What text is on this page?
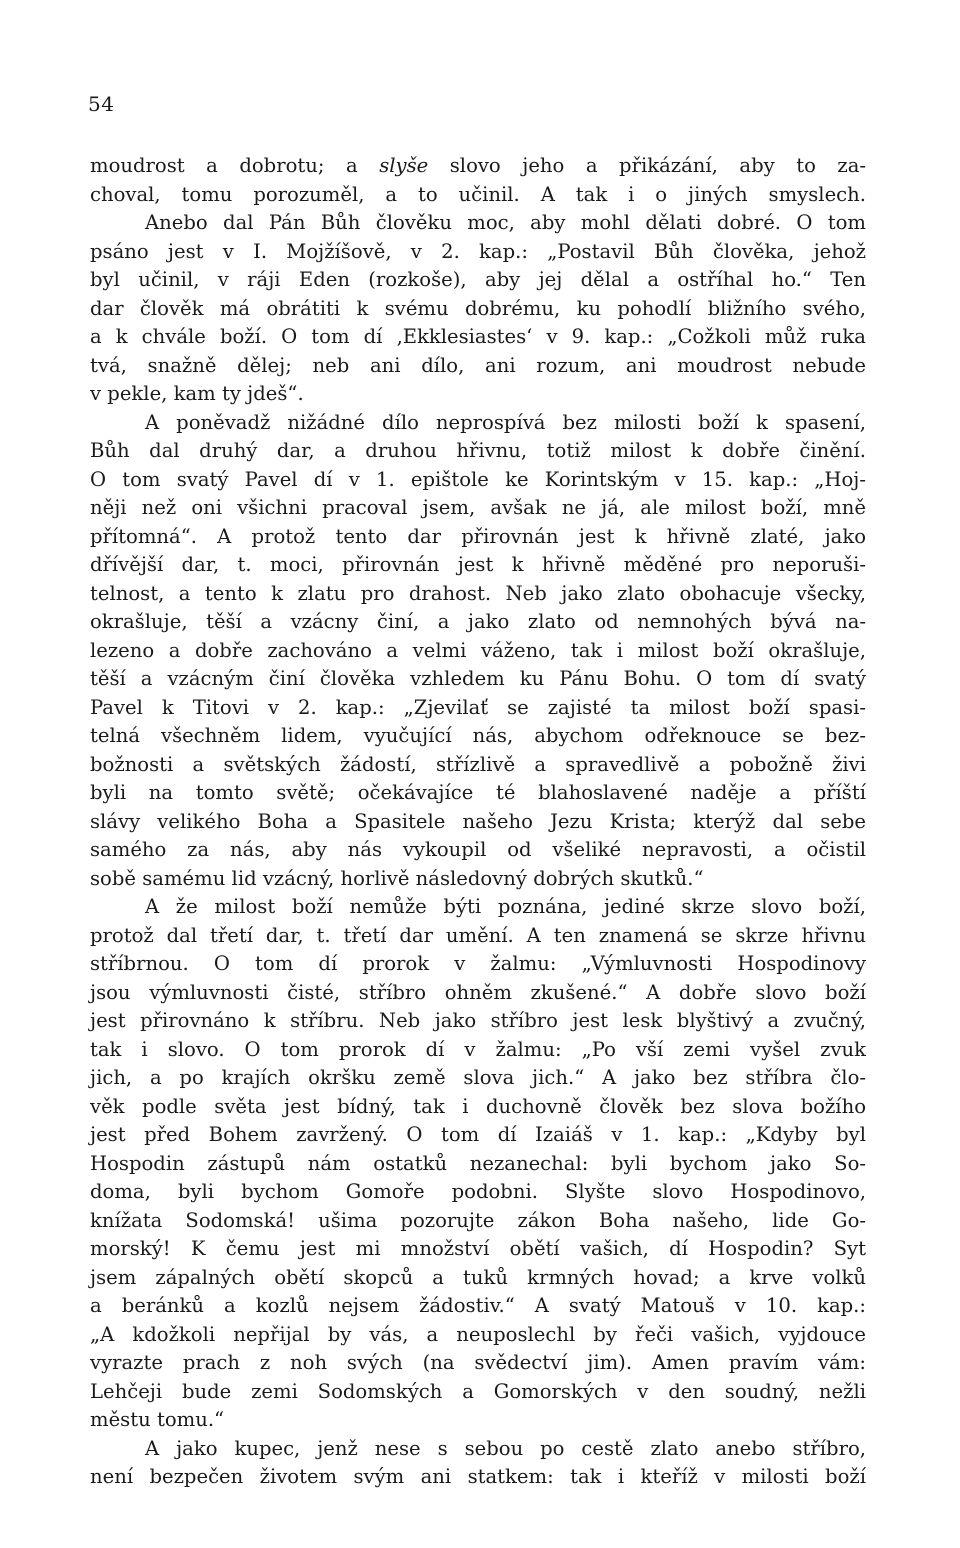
54
moudrost a dobrotu; a slyše slovo jeho a přikázání, aby to za-
choval, tomu porozuměl, a to učinil. A tak i o jiných smyslech.
Anebo dal Pán Bůh člověku moc, aby mohl dělati dobré. O tom
psáno jest v I. Mojžíšově, v 2. kap.: „Postavil Bůh člověka, jehož
byl učinil, v ráji Eden (rozkoše), aby jej dělal a ostříhal ho.“ Ten
dar člověk má obrátiti k svému dobrému, ku pohodlí bližního svého,
a k chvále boží. O tom dí ‚Ekklesiastes‘ v 9. kap.: „Cožkoli můž ruka
tvá, snažně dělej; neb ani dílo, ani rozum, ani moudrost nebude
v pekle, kam ty jdeš“.
A poněvadž nižádné dílo neprospívá bez milosti boží k spasení,
Bůh dal druhý dar, a druhou hřivnu, totiž milost k dobře činění.
O tom svatý Pavel dí v 1. epištole ke Korintským v 15. kap.: „Hoj-
něji než oni všichni pracoval jsem, avšak ne já, ale milost boží, mně
přítomná“. A protož tento dar přirovnán jest k hřivně zlaté, jako
dřívější dar, t. moci, přirovnán jest k hřivně měděné pro neporuši-
telnost, a tento k zlatu pro drahost. Neb jako zlato obohacuje všecky,
okrašluje, těší a vzácny činí, a jako zlato od nemnohých bývá na-
lezeno a dobře zachováno a velmi váženo, tak i milost boží okrašluje,
těší a vzácným činí člověka vzhledem ku Pánu Bohu. O tom dí svatý
Pavel k Titovi v 2. kap.: „Zjevilať se zajisté ta milost boží spasi-
telná všechněm lidem, vyučující nás, abychom odřeknouce se bez-
božnosti a světských žádostí, střízlivě a spravedlivě a pobožně živi
byli na tomto světě; očekávajíce té blahoslavené naděje a příští
slávy velikého Boha a Spasitele našeho Jezu Krista; kterýž dal sebe
samého za nás, aby nás vykoupil od všeliké nepravosti, a očistil
sobě samému lid vzácný, horlivě následovný dobrých skutků.“
A že milost boží nemůže býti poznána, jediné skrze slovo boží,
protož dal třetí dar, t. třetí dar umění. A ten znamená se skrze hřivnu
stříbrnou. O tom dí prorok v žalmu: „Výmluvnosti Hospodinovy
jsou výmluvnosti čisté, stříbro ohněm zkušené.“ A dobře slovo boží
jest přirovnáno k stříbru. Neb jako stříbro jest lesk blyštivý a zvučný,
tak i slovo. O tom prorok dí v žalmu: „Po vší zemi vyšel zvuk
jich, a po krajích okršku země slova jich.“ A jako bez stříbra člo-
věk podle světa jest bídný, tak i duchovně člověk bez slova božího
jest před Bohem zavržený. O tom dí Izaiáš v 1. kap.: „Kdyby byl
Hospodin zástupů nám ostatků nezanechal: byli bychom jako So-
doma, byli bychom Gomoře podobni. Slyšte slovo Hospodinovo,
knížata Sodomská! ušima pozorujte zákon Boha našeho, lide Go-
morský! K čemu jest mi množství obětí vašich, dí Hospodin? Syt
jsem zápalných obětí skopců a tuků krmných hovad; a krve volků
a beránků a kozlů nejsem žádostiv.“ A svatý Matouš v 10. kap.:
„A kdožkoli nepřijal by vás, a neuposlechl by řeči vašich, vyjdouce
vyrazte prach z noh svých (na svědectví jim). Amen pravím vám:
Lehčeji bude zemi Sodomských a Gomorských v den soudný, nežli
městu tomu.“
A jako kupec, jenž nese s sebou po cestě zlato anebo stříbro,
není bezpečen životem svým ani statkem: tak i kteříž v milosti boží
